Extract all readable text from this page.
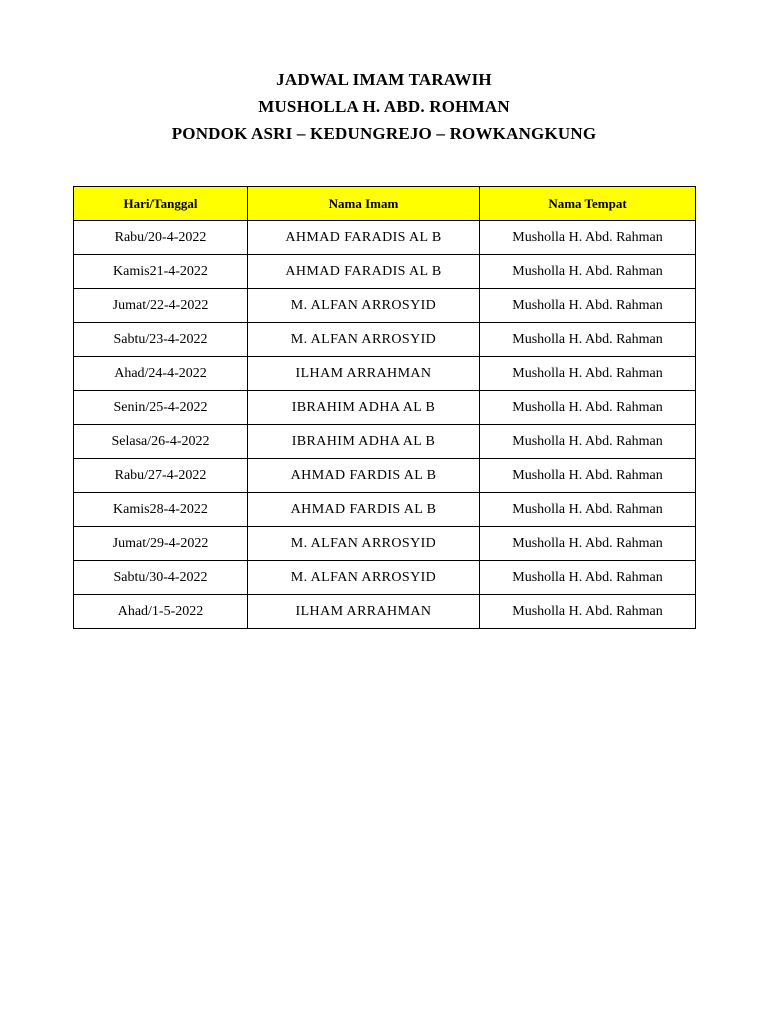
JADWAL IMAM TARAWIH

MUSHOLLA H. ABD. ROHMAN

PONDOK ASRI – KEDUNGREJO – ROWKANGKUNG

Hari/Tanggal	Nama Imam	Nama Tempat
Rabu/20-4-2022	AHMAD FARADIS AL B	Musholla H. Abd. Rahman
Kamis21-4-2022	AHMAD FARADIS AL B	Musholla H. Abd. Rahman
Jumat/22-4-2022	M. ALFAN ARROSYID	Musholla H. Abd. Rahman
Sabtu/23-4-2022	M. ALFAN ARROSYID	Musholla H. Abd. Rahman
Ahad/24-4-2022	ILHAM ARRAHMAN	Musholla H. Abd. Rahman
Senin/25-4-2022	IBRAHIM ADHA AL B	Musholla H. Abd. Rahman
Selasa/26-4-2022	IBRAHIM ADHA AL B	Musholla H. Abd. Rahman
Rabu/27-4-2022	AHMAD FARDIS AL B	Musholla H. Abd. Rahman
Kamis28-4-2022	AHMAD FARDIS AL B	Musholla H. Abd. Rahman
Jumat/29-4-2022	M. ALFAN ARROSYID	Musholla H. Abd. Rahman
Sabtu/30-4-2022	M. ALFAN ARROSYID	Musholla H. Abd. Rahman
Ahad/1-5-2022	ILHAM ARRAHMAN	Musholla H. Abd. Rahman
